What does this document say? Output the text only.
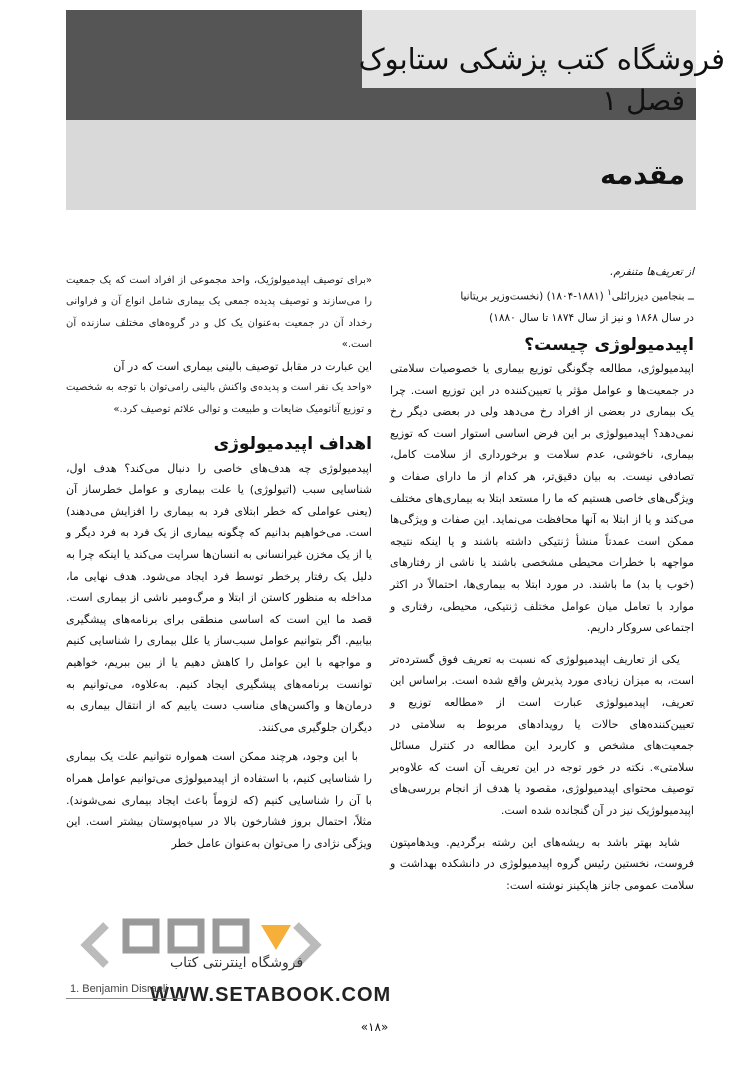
فروشگاه کتب پزشکی ستابوک
فصل ۱
مقدمه

از تعریف‌ها متنفرم.

ــ بنجامین دیزرائلی$^۱$ (۱۸۸۱-۱۸۰۴) (نخست‌وزیر بریتانیا

در سال ۱۸۶۸ و نیز از سال ۱۸۷۴ تا سال ۱۸۸۰)

اپیدمیولوژی چیست؟

اپیدمیولوژی، مطالعه چگونگی توزیع بیماری یا خصوصیات سلامتی در جمعیت‌ها و عوامل مؤثر یا تعیین‌کننده در این توزیع است. چرا یک بیماری در بعضی از افراد رخ می‌دهد ولی در بعضی دیگر رخ نمی‌دهد؟ اپیدمیولوژی بر این فرض اساسی استوار است که توزیع بیماری، ناخوشی، عدم سلامت و برخورداری از سلامت کامل، تصادفی نیست. به بیان دقیق‌تر، هر کدام از ما دارای صفات و ویژگی‌های خاصی هستیم که ما را مستعد ابتلا به بیماری‌های مختلف می‌کند و یا از ابتلا به آنها محافظت می‌نماید. این صفات و ویژگی‌ها ممکن است عمدتاً منشأ ژنتیکی داشته باشند و یا اینکه نتیجه مواجهه با خطرات محیطی مشخصی باشند یا ناشی از رفتارهای (خوب یا بد) ما باشند. در مورد ابتلا به بیماری‌ها، احتمالاً در اکثر موارد با تعامل میان عوامل مختلف ژنتیکی، محیطی، رفتاری و اجتماعی سروکار داریم.

یکی از تعاریف اپیدمیولوژی که نسبت به تعریف فوق گسترده‌تر است، به میزان زیادی مورد پذیرش واقع شده است. براساس این تعریف، اپیدمیولوژی عبارت است از «مطالعه توزیع و تعیین‌کننده‌های حالات یا رویدادهای مربوط به سلامتی در جمعیت‌های مشخص و کاربرد این مطالعه در کنترل مسائل سلامتی». نکته در خور توجه در این تعریف آن است که علاوه‌بر توصیف محتوای اپیدمیولوژی، مقصود یا هدف از انجام بررسی‌های اپیدمیولوژیک نیز در آن گنجانده شده است.

شاید بهتر باشد به ریشه‌های این رشته برگردیم. ویدهامپتون فروست، نخستین رئیس گروه اپیدمیولوژی در دانشکده بهداشت و سلامت عمومی جانز هاپکینز نوشته است:

«برای توصیف اپیدمیولوژیک، واحد مجموعی از افراد است که یک جمعیت را می‌سازند و توصیف پدیده جمعی یک بیماری شامل انواع آن و فراوانی رخداد آن در جمعیت به‌عنوان یک کل و در گروه‌های مختلف سازنده آن است.»

این عبارت در مقابل توصیف بالینی بیماری است که در آن

«واحد یک نفر است و پدیده‌ی واکنش بالینی رامی‌توان با توجه به شخصیت و توزیع آناتومیک ضایعات و طبیعت و توالی علائم توصیف کرد.»

اهداف اپیدمیولوژی

اپیدمیولوژی چه هدف‌های خاصی را دنبال می‌کند؟ هدف اول، شناسایی سبب (اتیولوژی) یا علت بیماری و عوامل خطرساز آن (یعنی عواملی که خطر ابتلای فرد به بیماری را افزایش می‌دهند) است. می‌خواهیم بدانیم که چگونه بیماری از یک فرد به فرد دیگر و یا از یک مخزن غیرانسانی به انسان‌ها سرایت می‌کند یا اینکه چرا به دلیل یک رفتار پرخطر توسط فرد ایجاد می‌شود. هدف نهایی ما، مداخله به منظور کاستن از ابتلا و مرگ‌ومیر ناشی از بیماری است. قصد ما این است که اساسی منطقی برای برنامه‌های پیشگیری بیابیم. اگر بتوانیم عوامل سبب‌ساز یا علل بیماری را شناسایی کنیم و مواجهه با این عوامل را کاهش دهیم یا از بین ببریم، خواهیم توانست برنامه‌های پیشگیری ایجاد کنیم. به‌علاوه، می‌توانیم به درمان‌ها و واکسن‌های مناسب دست یابیم که از انتقال بیماری به دیگران جلوگیری می‌کنند.

با این وجود، هرچند ممکن است همواره نتوانیم علت یک بیماری را شناسایی کنیم، با استفاده از اپیدمیولوژی می‌توانیم عوامل همراه با آن را شناسایی کنیم (که لزوماً باعث ایجاد بیماری نمی‌شوند). مثلاً، احتمال بروز فشارخون بالا در سیاه‌پوستان بیشتر است. این ویژگی نژادی را می‌توان به‌عنوان عامل خطر

فروشگاه اینترنتی کتاب
WWW.SETABOOK.COM
1. Benjamin Disraeli
«۱۸»
